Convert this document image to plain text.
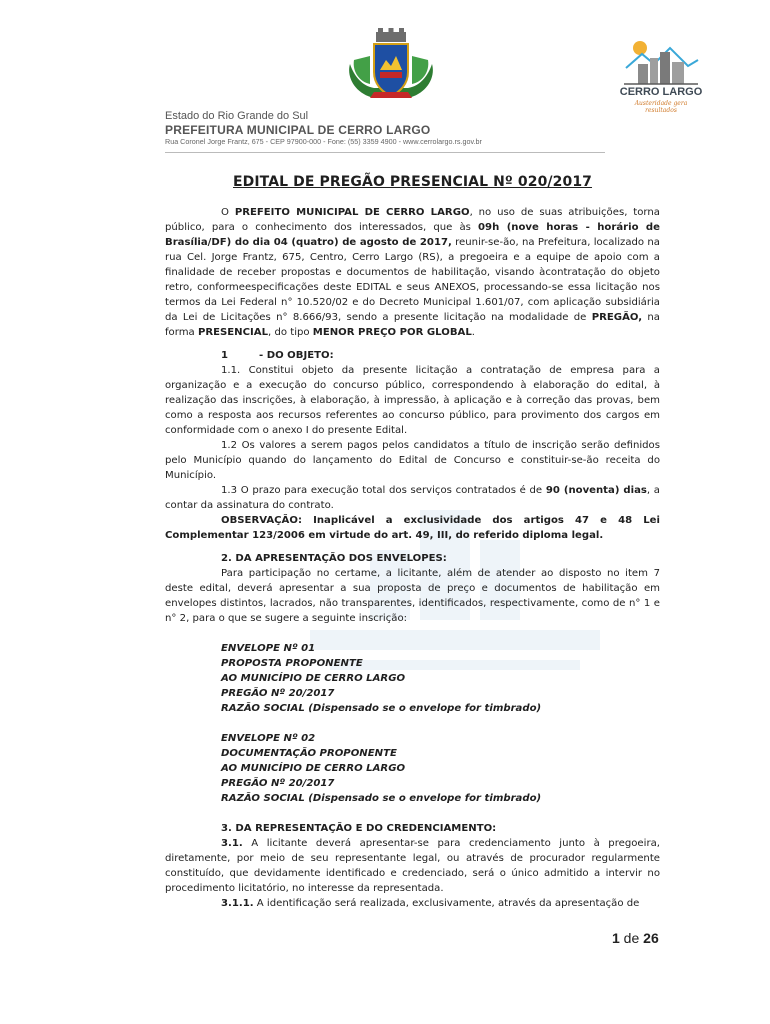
CERRO LARGO
Austeridade gera resultados
Estado do Rio Grande do Sul
PREFEITURA MUNICIPAL DE CERRO LARGO
Rua Coronel Jorge Frantz, 675 - CEP 97900-000 - Fone: (55) 3359 4900 - www.cerrolargo.rs.gov.br
EDITAL DE PREGÃO PRESENCIAL Nº 020/2017

O PREFEITO MUNICIPAL DE CERRO LARGO, no uso de suas atribuições, torna público, para o conhecimento dos interessados, que às 09h (nove horas - horário de Brasília/DF) do dia 04 (quatro) de agosto de 2017, reunir-se-ão, na Prefeitura, localizado na rua Cel. Jorge Frantz, 675, Centro, Cerro Largo (RS), a pregoeira e a equipe de apoio com a finalidade de receber propostas e documentos de habilitação, visando àcontratação do objeto retro, conformeespecificações deste EDITAL e seus ANEXOS, processando-se essa licitação nos termos da Lei Federal n° 10.520/02 e do Decreto Municipal 1.601/07, com aplicação subsidiária da Lei de Licitações n° 8.666/93, sendo a presente licitação na modalidade de PREGÃO, na forma PRESENCIAL, do tipo MENOR PREÇO POR GLOBAL.

1	- DO OBJETO:

1.1. Constitui objeto da presente licitação a contratação de empresa para a organização e a execução do concurso público, correspondendo à elaboração do edital, à realização das inscrições, à elaboração, à impressão, à aplicação e à correção das provas, bem como a resposta aos recursos referentes ao concurso público, para provimento dos cargos em conformidade com o anexo I do presente Edital.

1.2 Os valores a serem pagos pelos candidatos a título de inscrição serão definidos pelo Município quando do lançamento do Edital de Concurso e constituir-se-ão receita do Município.

1.3 O prazo para execução total dos serviços contratados é de 90 (noventa) dias, a contar da assinatura do contrato.

OBSERVAÇÃO: Inaplicável a exclusividade dos artigos 47 e 48 Lei Complementar 123/2006 em virtude do art. 49, III, do referido diploma legal.

2. DA APRESENTAÇÃO DOS ENVELOPES:

Para participação no certame, a licitante, além de atender ao disposto no item 7 deste edital, deverá apresentar a sua proposta de preço e documentos de habilitação em envelopes distintos, lacrados, não transparentes, identificados, respectivamente, como de n° 1 e n° 2, para o que se sugere a seguinte inscrição:

ENVELOPE Nº 01
PROPOSTA PROPONENTE
AO MUNICÍPIO DE CERRO LARGO
PREGÃO Nº 20/2017
RAZÃO SOCIAL (Dispensado se o envelope for timbrado)
ENVELOPE Nº 02
DOCUMENTAÇÃO PROPONENTE
AO MUNICÍPIO DE CERRO LARGO
PREGÃO Nº 20/2017
RAZÃO SOCIAL (Dispensado se o envelope for timbrado)

3. DA REPRESENTAÇÃO E DO CREDENCIAMENTO:

3.1. A licitante deverá apresentar-se para credenciamento junto à pregoeira, diretamente, por meio de seu representante legal, ou através de procurador regularmente constituído, que devidamente identificado e credenciado, será o único admitido a intervir no procedimento licitatório, no interesse da representada.

3.1.1. A identificação será realizada, exclusivamente, através da apresentação de

1 de 26
